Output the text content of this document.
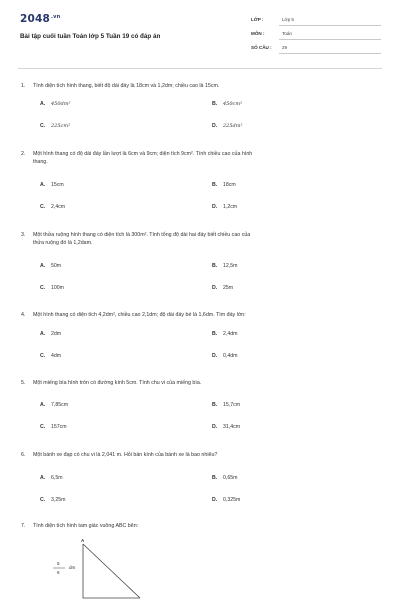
$2048^{.vn}$
Bài tập cuối tuần Toán lớp 5 Tuần 19 có đáp án
LỚP :	Lớp 5
MÔN :	Toán
SỐ CÂU : 29
1. Tính diện tích hình thang, biết độ dài đáy là 18cm và 1,2dm; chiều cao là 15cm.
A. 450dm²	B. 450cm²
C. 225cm²	D. 225dm²
2. Một hình thang có độ dài đáy lần lượt là 6cm và 9cm; diện tích 9cm². Tính chiều cao của hình
thang.
A. 15cm	B. 18cm
C. 2,4cm	D. 1,2cm
3. Một thửa ruộng hình thang có diện tích là 300m². Tính tổng độ dài hai đáy biết chiều cao của
thửa ruộng đó là 1,2dam.
A. 50m	B. 12,5m
C. 100m	D. 25m
4. Một hình thang có diện tích 4,2dm², chiều cao 2,1dm; độ dài đáy bé là 1,6dm. Tìm đáy lớn:
A. 2dm	B. 2,4dm
C. 4dm	D. 0,4dm
5. Một miếng bìa hình tròn có đường kính 5cm. Tính chu vi của miếng bìa.
A. 7,85cm	B. 15,7cm
C. 157cm	D. 31,4cm
6. Một bánh xe đạp có chu vi là 2,041 m. Hỏi bán kính của bánh xe là bao nhiêu?
A. 6,5m	B. 0,65m
C. 3,25m	D. 0,325m
7. Tính diện tích hình tam giác vuông ABC bên:
A
5
6
dm
